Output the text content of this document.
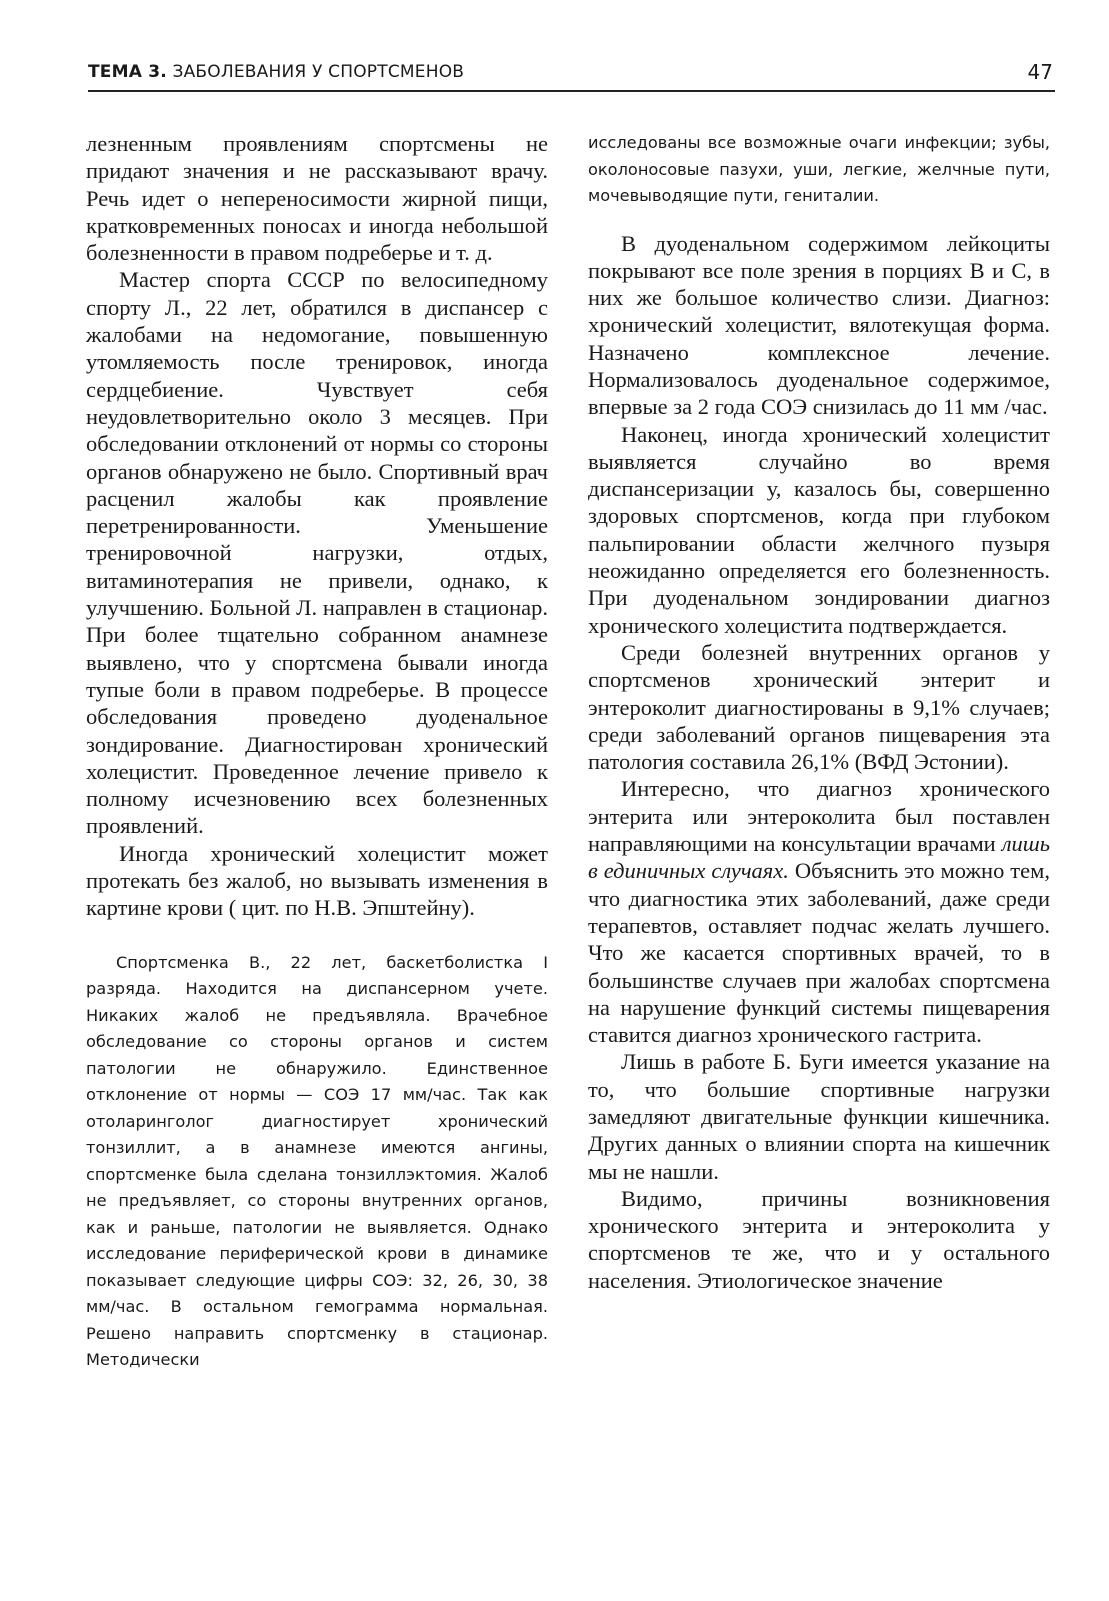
ТЕМА 3. ЗАБОЛЕВАНИЯ У СПОРТСМЕНОВ	47

лезненным проявлениям спортсмены не придают значения и не рассказывают врачу. Речь идет о непереносимости жирной пищи, кратковременных поносах и иногда небольшой болезненности в правом подреберье и т. д.

Мастер спорта СССР по велосипедному спорту Л., 22 лет, обратился в диспансер с жалобами на недомогание, повышенную утомляемость после тренировок, иногда сердцебиение. Чувствует себя неудовлетворительно около 3 месяцев. При обследовании отклонений от нормы со стороны органов обнаружено не было. Спортивный врач расценил жалобы как проявление перетренированности. Уменьшение тренировочной нагрузки, отдых, витаминотерапия не привели, однако, к улучшению. Больной Л. направлен в стационар. При более тщательно собранном анамнезе выявлено, что у спортсмена бывали иногда тупые боли в правом подреберье. В процессе обследования проведено дуоденальное зондирование. Диагностирован хронический холецистит. Проведенное лечение привело к полному исчезновению всех болезненных проявлений.

Иногда хронический холецистит может протекать без жалоб, но вызывать изменения в картине крови ( цит. по Н.В. Эпштейну).

Спортсменка В., 22 лет, баскетболистка I разряда. Находится на диспансерном учете. Никаких жалоб не предъявляла. Врачебное обследование со стороны органов и систем патологии не обнаружило. Единственное отклонение от нормы — СОЭ 17 мм/час. Так как отоларинголог диагностирует хронический тонзиллит, а в анамнезе имеются ангины, спортсменке была сделана тонзиллэктомия. Жалоб не предъявляет, со стороны внутренних органов, как и раньше, патологии не выявляется. Однако исследование периферической крови в динамике показывает следующие цифры СОЭ: 32, 26, 30, 38 мм/час. В остальном гемограмма нормальная. Решено направить спортсменку в стационар. Методически

исследованы все возможные очаги инфекции; зубы, околоносовые пазухи, уши, легкие, желчные пути, мочевыводящие пути, гениталии.

В дуоденальном содержимом лейкоциты покрывают все поле зрения в порциях В и С, в них же большое количество слизи. Диагноз: хронический холецистит, вялотекущая форма. Назначено комплексное лечение. Нормализовалось дуоденальное содержимое, впервые за 2 года СОЭ снизилась до 11 мм /час.

Наконец, иногда хронический холецистит выявляется случайно во время диспансеризации у, казалось бы, совершенно здоровых спортсменов, когда при глубоком пальпировании области желчного пузыря неожиданно определяется его болезненность. При дуоденальном зондировании диагноз хронического холецистита подтверждается.

Среди болезней внутренних органов у спортсменов хронический энтерит и энтероколит диагностированы в 9,1% случаев; среди заболеваний органов пищеварения эта патология составила 26,1% (ВФД Эстонии).

Интересно, что диагноз хронического энтерита или энтероколита был поставлен направляющими на консультации врачами лишь в единичных случаях. Объяснить это можно тем, что диагностика этих заболеваний, даже среди терапевтов, оставляет подчас желать лучшего. Что же касается спортивных врачей, то в большинстве случаев при жалобах спортсмена на нарушение функций системы пищеварения ставится диагноз хронического гастрита.

Лишь в работе Б. Буги имеется указание на то, что большие спортивные нагрузки замедляют двигательные функции кишечника. Других данных о влиянии спорта на кишечник мы не нашли.

Видимо, причины возникновения хронического энтерита и энтероколита у спортсменов те же, что и у остального населения. Этиологическое значение
